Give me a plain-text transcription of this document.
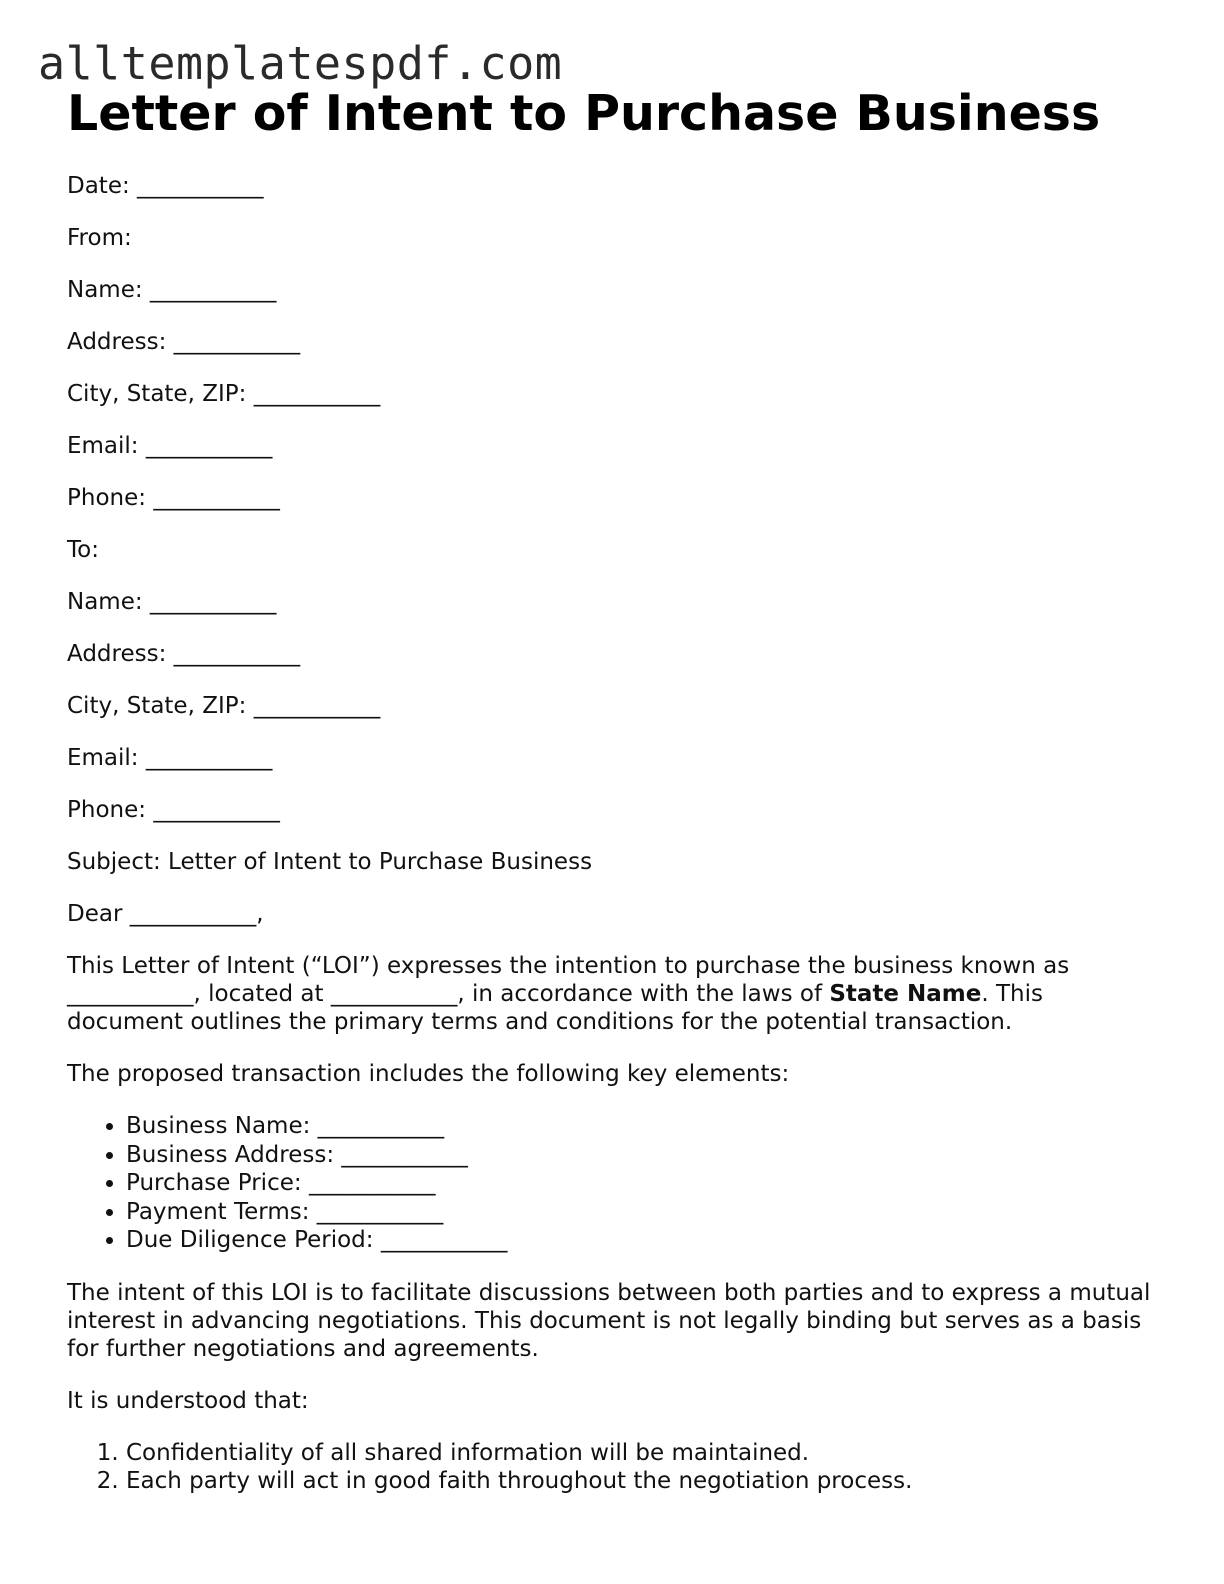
alltemplatespdf.com
Letter of Intent to Purchase Business

Date: ___________

From:

Name: ___________

Address: ___________

City, State, ZIP: ___________

Email: ___________

Phone: ___________

To:

Name: ___________

Address: ___________

City, State, ZIP: ___________

Email: ___________

Phone: ___________

Subject: Letter of Intent to Purchase Business

Dear ___________,

This Letter of Intent (“LOI”) expresses the intention to purchase the business known as ___________, located at ___________, in accordance with the laws of State Name. This document outlines the primary terms and conditions for the potential transaction.

The proposed transaction includes the following key elements:

• Business Name: ___________
• Business Address: ___________
• Purchase Price: ___________
• Payment Terms: ___________
• Due Diligence Period: ___________

The intent of this LOI is to facilitate discussions between both parties and to express a mutual interest in advancing negotiations. This document is not legally binding but serves as a basis for further negotiations and agreements.

It is understood that:

1. Confidentiality of all shared information will be maintained.
2. Each party will act in good faith throughout the negotiation process.
